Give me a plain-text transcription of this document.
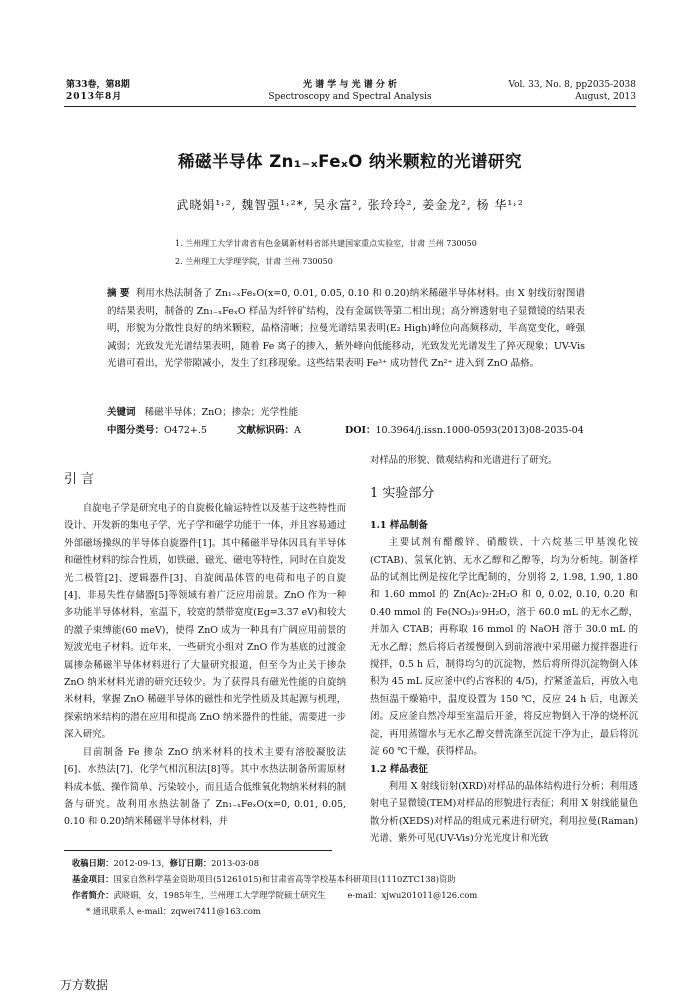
第33卷，第8期
2013年8月
光 谱 学 与 光 谱 分 析
Spectroscopy and Spectral Analysis
Vol. 33, No. 8, pp2035-2038
August, 2013
稀磁半导体 Zn₁₋ₓFeₓO 纳米颗粒的光谱研究
武晓娟¹˒², 魏智强¹˒²*, 吴永富², 张玲玲², 姜金龙², 杨 华¹˒²
1. 兰州理工大学甘肃省有色金属新材料省部共建国家重点实验室，甘肃 兰州 730050
2. 兰州理工大学理学院，甘肃 兰州 730050
摘 要 利用水热法制备了 Zn₁₋ₓFeₓO(x=0, 0.01, 0.05, 0.10 和 0.20)纳米稀磁半导体材料。由 X 射线衍射图谱的结果表明，制备的 Zn₁₋ₓFeₓO 样品为纤锌矿结构，没有金属铁等第二相出现；高分辨透射电子显微镜的结果表明，形貌为分散性良好的纳米颗粒，晶格清晰；拉曼光谱结果表明(E₂ High)峰位向高频移动，半高宽变化，峰强减弱；光致发光光谱结果表明，随着 Fe 离子的掺入，紫外峰向低能移动，光致发光光谱发生了猝灭现象；UV-Vis 光谱可看出，光学带隙减小，发生了红移现象。这些结果表明 Fe³⁺ 成功替代 Zn²⁺ 进入到 ZnO 晶格。
关键词 稀磁半导体；ZnO；掺杂；光学性能
中图分类号：O472+.5	文献标识码：A	DOI：10.3964/j.issn.1000-0593(2013)08-2035-04
引 言

自旋电子学是研究电子的自旋极化输运特性以及基于这些特性而设计、开发新的集电子学、光子学和磁学功能于一体，并且容易通过外部磁场操纵的半导体自旋器件[1]。其中稀磁半导体因具有半导体和磁性材料的综合性质，如铁磁、磁光、磁电等特性，同时在自旋发光二极管[2]、逻辑器件[3]、自旋阀晶体管的电荷和电子的自旋[4]、非易失性存储器[5]等领域有着广泛应用前景。ZnO 作为一种多功能半导体材料，室温下，较宽的禁带宽度(Eg=3.37 eV)和较大的激子束缚能(60 meV)，使得 ZnO 成为一种具有广阔应用前景的短波光电子材料。近年来，一些研究小组对 ZnO 作为基底的过渡金属掺杂稀磁半导体材料进行了大量研究报道，但至今为止关于掺杂 ZnO 纳米材料光谱的研究还较少。为了获得具有磁光性能的自旋纳米材料，掌握 ZnO 稀磁半导体的磁性和光学性质及其起源与机理，探索纳米结构的潜在应用和提高 ZnO 纳米器件的性能，需要进一步深入研究。

目前制备 Fe 掺杂 ZnO 纳米材料的技术主要有溶胶凝胶法[6]、水热法[7]、化学气相沉积法[8]等。其中水热法制备所需原材料成本低、操作简单、污染较小，而且适合低维氧化物纳米材料的制备与研究。故利用水热法制备了 Zn₁₋ₓFeₓO(x=0, 0.01, 0.05, 0.10 和 0.20)纳米稀磁半导体材料，并

对样品的形貌、微观结构和光谱进行了研究。
1 实验部分
1.1 样品制备

主要试剂有醋酸锌、硝酸铁、十六烷基三甲基溴化铵(CTAB)、氢氧化钠、无水乙醇和乙醇等，均为分析纯。制备样品的试剂比例是按化学比配制的，分别将 2, 1.98, 1.90, 1.80 和 1.60 mmol 的 Zn(Ac)₂·2H₂O 和 0, 0.02, 0.10, 0.20 和 0.40 mmol 的 Fe(NO₃)₃·9H₂O，溶于 60.0 mL 的无水乙醇，并加入 CTAB；再称取 16 mmol 的 NaOH 溶于 30.0 mL 的无水乙醇；然后将后者缓慢倒入到前溶液中采用磁力搅拌器进行搅拌，0.5 h 后，制得均匀的沉淀物，然后将所得沉淀物倒入体积为 45 mL 反应釜中(约占容积的 4/5)，拧紧釜盖后，再放入电热恒温干燥箱中，温度设置为 150 ℃，反应 24 h 后，电源关闭。反应釜自然冷却至室温后开釜，将反应物倒入干净的烧杯沉淀，再用蒸馏水与无水乙醇交替洗涤至沉淀干净为止，最后将沉淀 60 ℃干燥，获得样品。

1.2 样品表征

利用 X 射线衍射(XRD)对样品的晶体结构进行分析；利用透射电子显微镜(TEM)对样品的形貌进行表征；利用 X 射线能量色散分析(XEDS)对样品的组成元素进行研究，利用拉曼(Raman)光谱、紫外可见(UV-Vis)分光光度计和光致

收稿日期：2012-09-13，修订日期：2013-03-08
基金项目：国家自然科学基金资助项目(51261015)和甘肃省高等学校基本科研项目(1110ZTC138)资助
作者简介：武晓娟，女，1985年生，兰州理工大学理学院硕士研究生	e-mail：xjwu201011@126.com
* 通讯联系人 e-mail：zqwei7411@163.com
万方数据
